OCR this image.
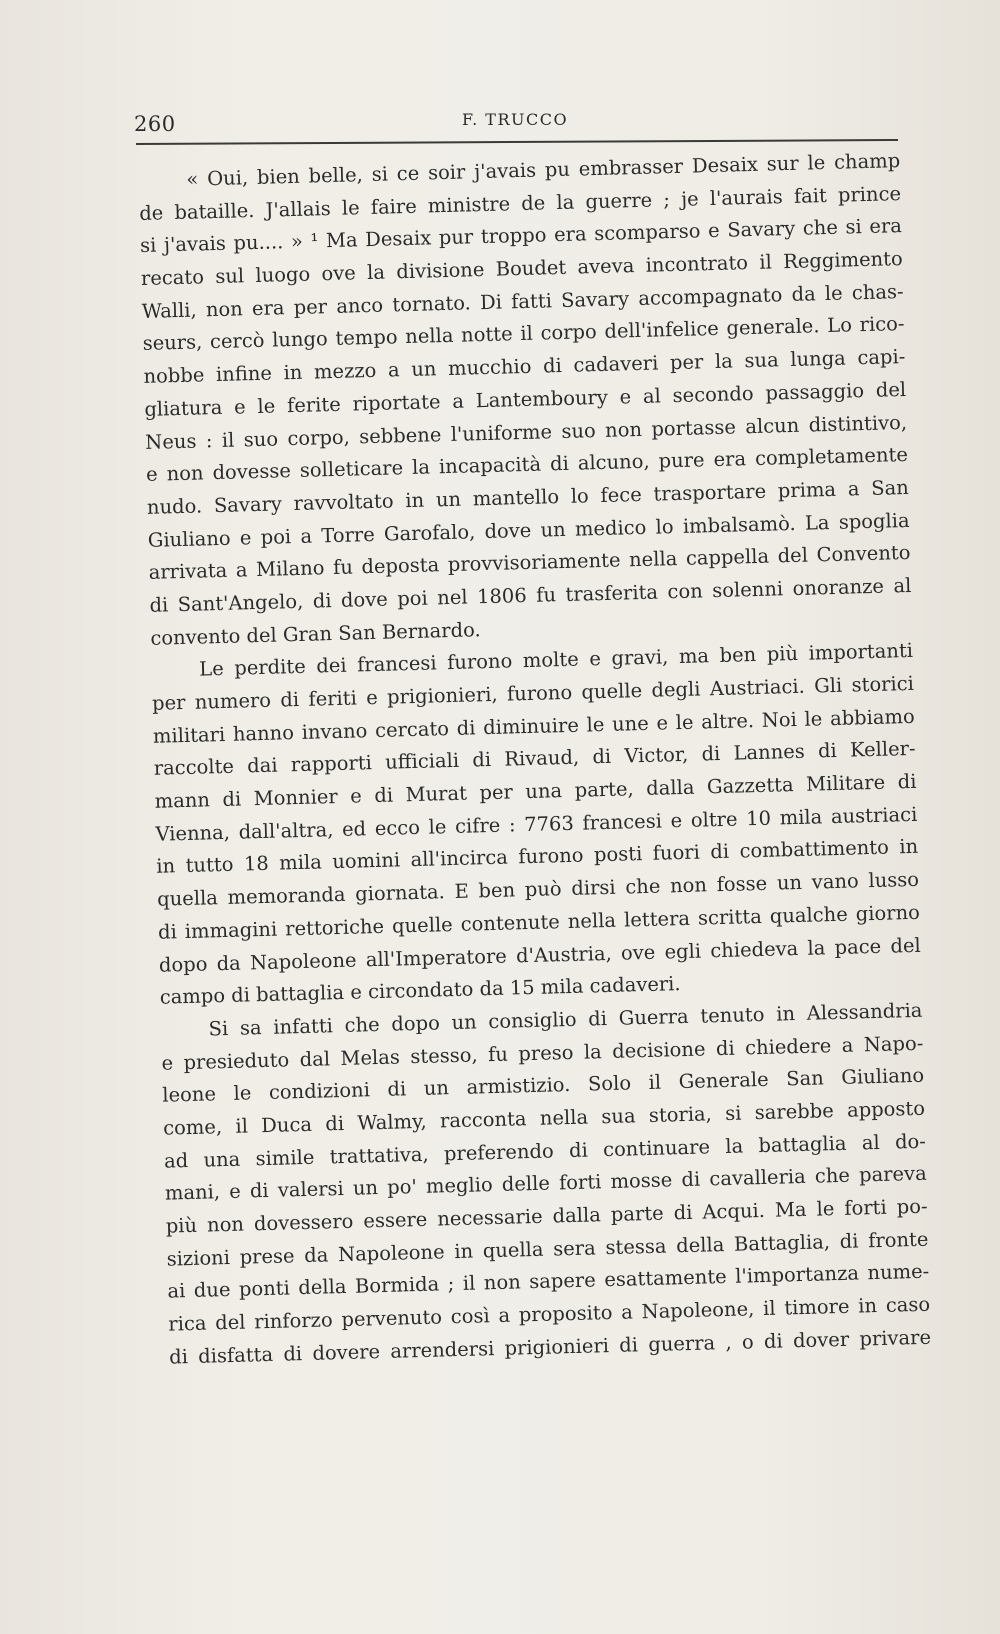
260	F. TRUCCO
« Oui, bien belle, si ce soir j'avais pu embrasser Desaix sur le champ
de bataille. J'allais le faire ministre de la guerre ; je l'aurais fait prince
si j'avais pu.... » ¹ Ma Desaix pur troppo era scomparso e Savary che si era
recato sul luogo ove la divisione Boudet aveva incontrato il Reggimento
Walli, non era per anco tornato. Di fatti Savary accompagnato da le chas-
seurs, cercò lungo tempo nella notte il corpo dell'infelice generale. Lo rico-
nobbe infine in mezzo a un mucchio di cadaveri per la sua lunga capi-
gliatura e le ferite riportate a Lantemboury e al secondo passaggio del
Neus : il suo corpo, sebbene l'uniforme suo non portasse alcun distintivo,
e non dovesse solleticare la incapacità di alcuno, pure era completamente
nudo. Savary ravvoltato in un mantello lo fece trasportare prima a San
Giuliano e poi a Torre Garofalo, dove un medico lo imbalsamò. La spoglia
arrivata a Milano fu deposta provvisoriamente nella cappella del Convento
di Sant'Angelo, di dove poi nel 1806 fu trasferita con solenni onoranze al
convento del Gran San Bernardo.
Le perdite dei francesi furono molte e gravi, ma ben più importanti
per numero di feriti e prigionieri, furono quelle degli Austriaci. Gli storici
militari hanno invano cercato di diminuire le une e le altre. Noi le abbiamo
raccolte dai rapporti ufficiali di Rivaud, di Victor, di Lannes di Keller-
mann di Monnier e di Murat per una parte, dalla Gazzetta Militare di
Vienna, dall'altra, ed ecco le cifre : 7763 francesi e oltre 10 mila austriaci
in tutto 18 mila uomini all'incirca furono posti fuori di combattimento in
quella memoranda giornata. E ben può dirsi che non fosse un vano lusso
di immagini rettoriche quelle contenute nella lettera scritta qualche giorno
dopo da Napoleone all'Imperatore d'Austria, ove egli chiedeva la pace del
campo di battaglia e circondato da 15 mila cadaveri.
Si sa infatti che dopo un consiglio di Guerra tenuto in Alessandria
e presieduto dal Melas stesso, fu preso la decisione di chiedere a Napo-
leone le condizioni di un armistizio. Solo il Generale San Giuliano
come, il Duca di Walmy, racconta nella sua storia, si sarebbe apposto
ad una simile trattativa, preferendo di continuare la battaglia al do-
mani, e di valersi un po' meglio delle forti mosse di cavalleria che pareva
più non dovessero essere necessarie dalla parte di Acqui. Ma le forti po-
sizioni prese da Napoleone in quella sera stessa della Battaglia, di fronte
ai due ponti della Bormida ; il non sapere esattamente l'importanza nume-
rica del rinforzo pervenuto così a proposito a Napoleone, il timore in caso
di disfatta di dovere arrendersi prigionieri di guerra , o di dover privare
